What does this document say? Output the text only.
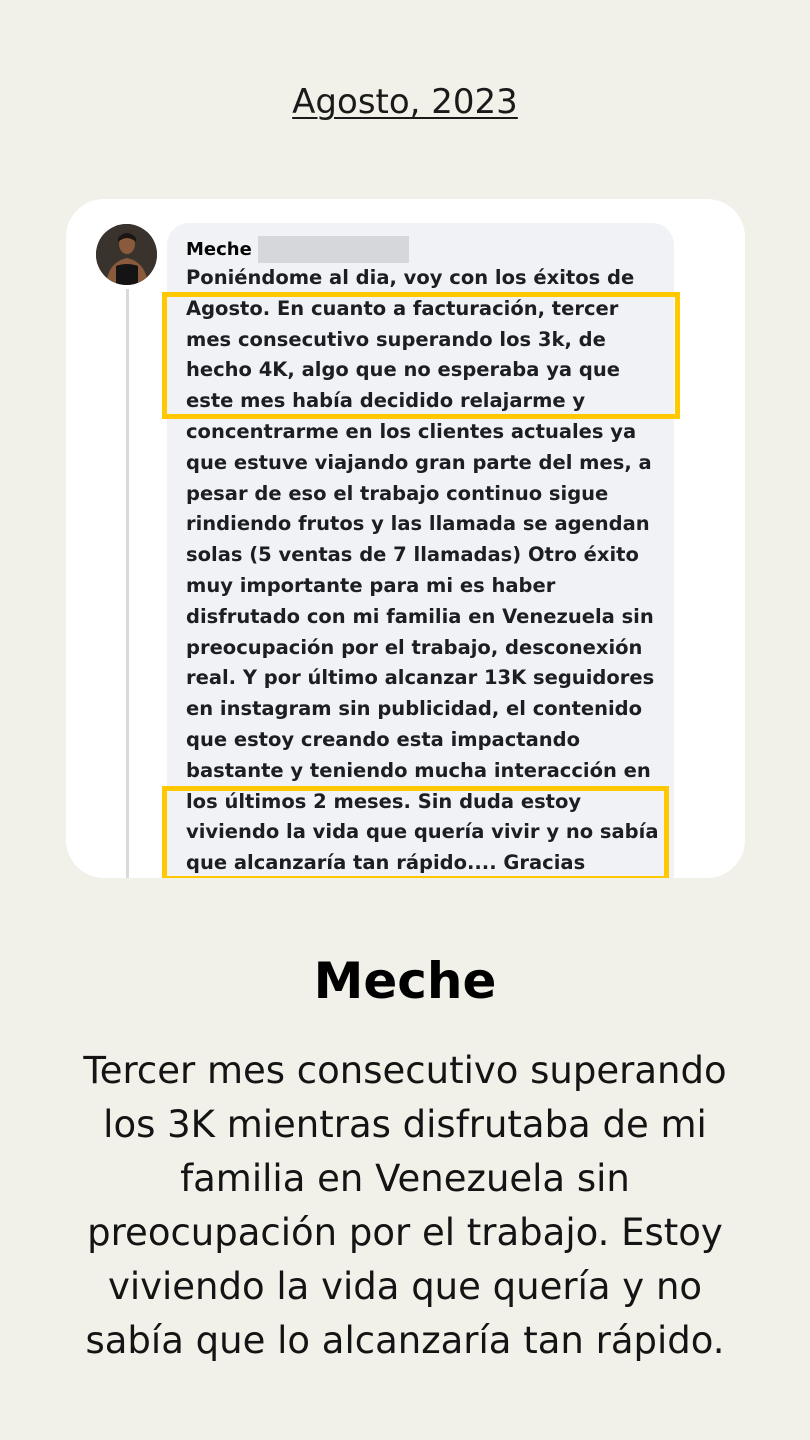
Agosto, 2023
Meche

Poniéndome al dia, voy con los éxitos de Agosto. En cuanto a facturación, tercer mes consecutivo superando los 3k, de hecho 4K, algo que no esperaba ya que este mes había decidido relajarme y concentrarme en los clientes actuales ya que estuve viajando gran parte del mes, a pesar de eso el trabajo continuo sigue rindiendo frutos y las llamada se agendan solas (5 ventas de 7 llamadas) Otro éxito muy importante para mi es haber disfrutado con mi familia en Venezuela sin preocupación por el trabajo, desconexión real. Y por último alcanzar 13K seguidores en instagram sin publicidad, el contenido que estoy creando esta impactando bastante y teniendo mucha interacción en los últimos 2 meses. Sin duda estoy viviendo la vida que quería vivir y no sabía que alcanzaría tan rápido.... Gracias

Meche

Tercer mes consecutivo superando los 3K mientras disfrutaba de mi familia en Venezuela sin preocupación por el trabajo. Estoy viviendo la vida que quería y no sabía que lo alcanzaría tan rápido.
